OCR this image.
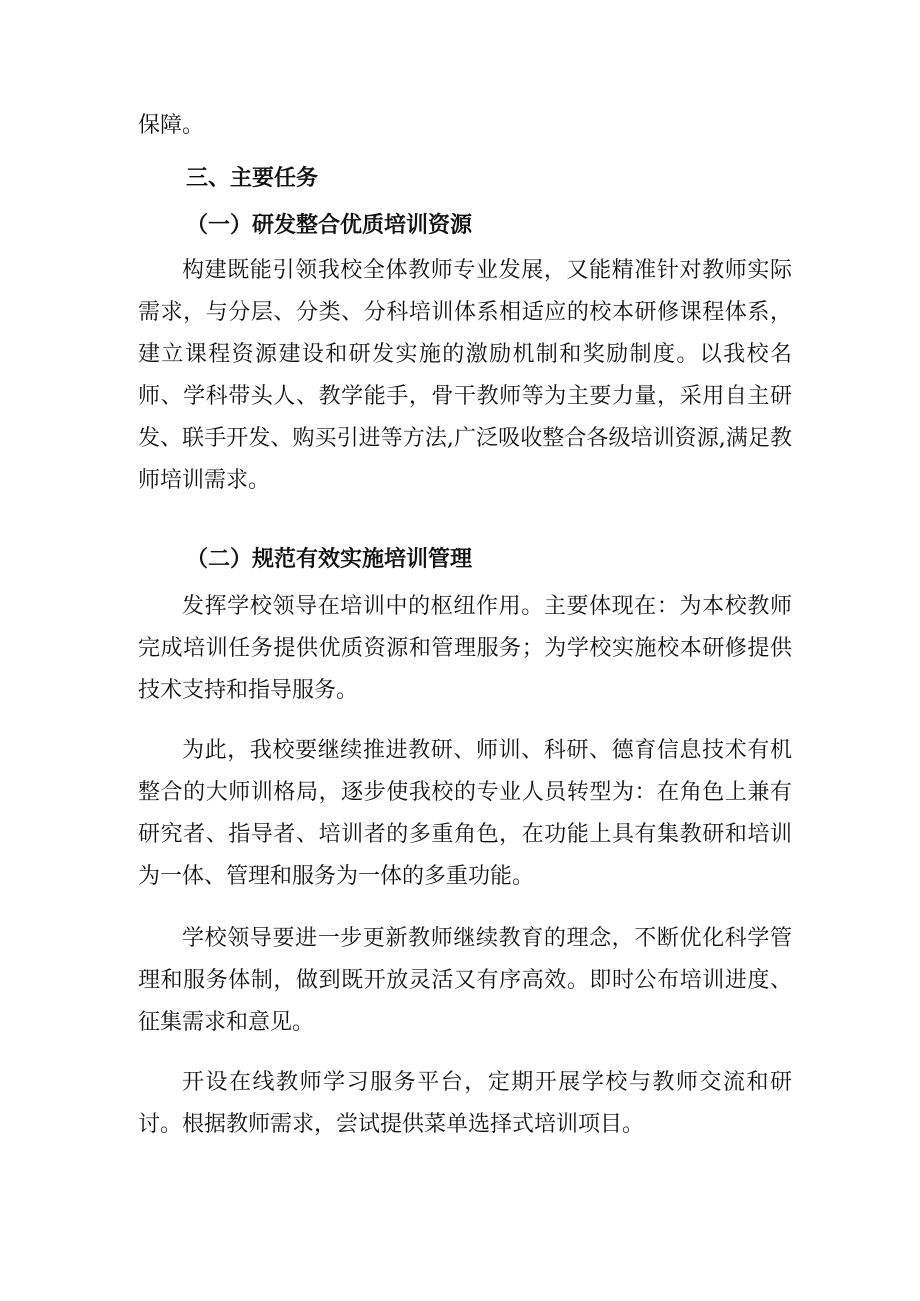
保障。

三、主要任务

（一）研发整合优质培训资源

构建既能引领我校全体教师专业发展，又能精准针对教师实际需求，与分层、分类、分科培训体系相适应的校本研修课程体系，建立课程资源建设和研发实施的激励机制和奖励制度。以我校名师、学科带头人、教学能手，骨干教师等为主要力量，采用自主研发、联手开发、购买引进等方法,广泛吸收整合各级培训资源,满足教师培训需求。

（二）规范有效实施培训管理

发挥学校领导在培训中的枢纽作用。主要体现在：为本校教师完成培训任务提供优质资源和管理服务；为学校实施校本研修提供技术支持和指导服务。

为此，我校要继续推进教研、师训、科研、德育信息技术有机整合的大师训格局，逐步使我校的专业人员转型为：在角色上兼有研究者、指导者、培训者的多重角色，在功能上具有集教研和培训为一体、管理和服务为一体的多重功能。

学校领导要进一步更新教师继续教育的理念，不断优化科学管理和服务体制，做到既开放灵活又有序高效。即时公布培训进度、征集需求和意见。

开设在线教师学习服务平台，定期开展学校与教师交流和研讨。根据教师需求，尝试提供菜单选择式培训项目。
